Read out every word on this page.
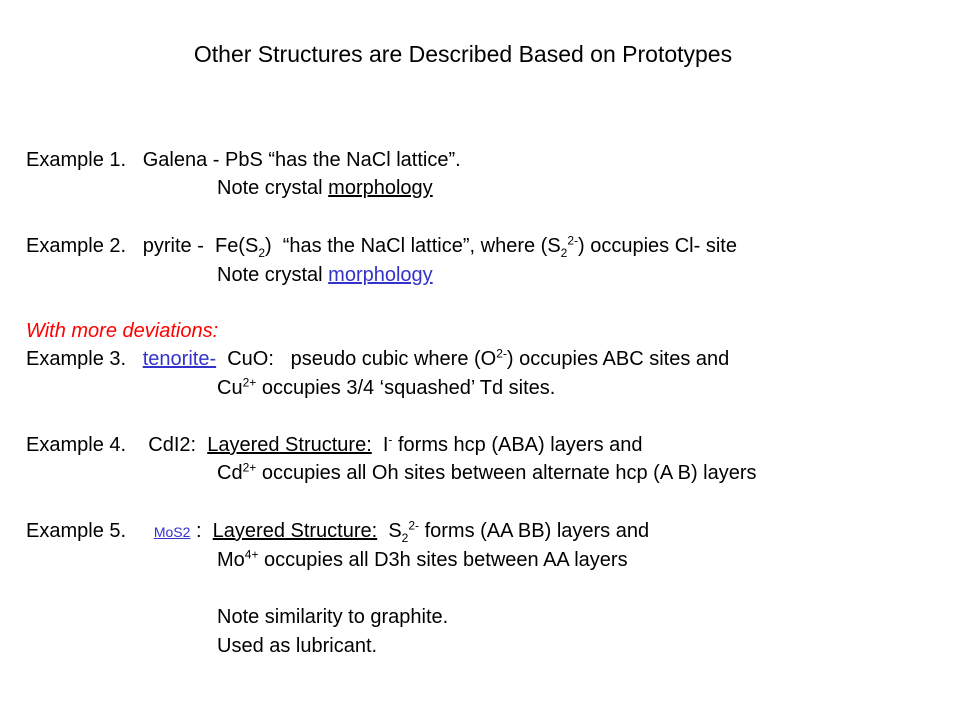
Other Structures are Described Based on Prototypes
Example 1. Galena - PbS “has the NaCl lattice”.
Note crystal morphology
Example 2. pyrite -  $Fe(S_2)$  “has the NaCl lattice”, where $(S_2^{2-})$ occupies Cl- site
Note crystal morphology
With more deviations:
Example 3. tenorite-  CuO:   pseudo cubic where $(O^{2-})$ occupies ABC sites and
$Cu^{2+}$ occupies 3/4 ‘squashed’ Td sites.
Example 4. CdI2:  Layered Structure:  I- forms hcp (ABA) layers and
$Cd^{2+}$ occupies all Oh sites between alternate hcp (A B) layers
Example 5. MoS2 :  Layered Structure:  $S_2^{2-}$ forms (AA BB) layers and
$Mo^{4+}$ occupies all D3h sites between AA layers
Note similarity to graphite.
Used as lubricant.
